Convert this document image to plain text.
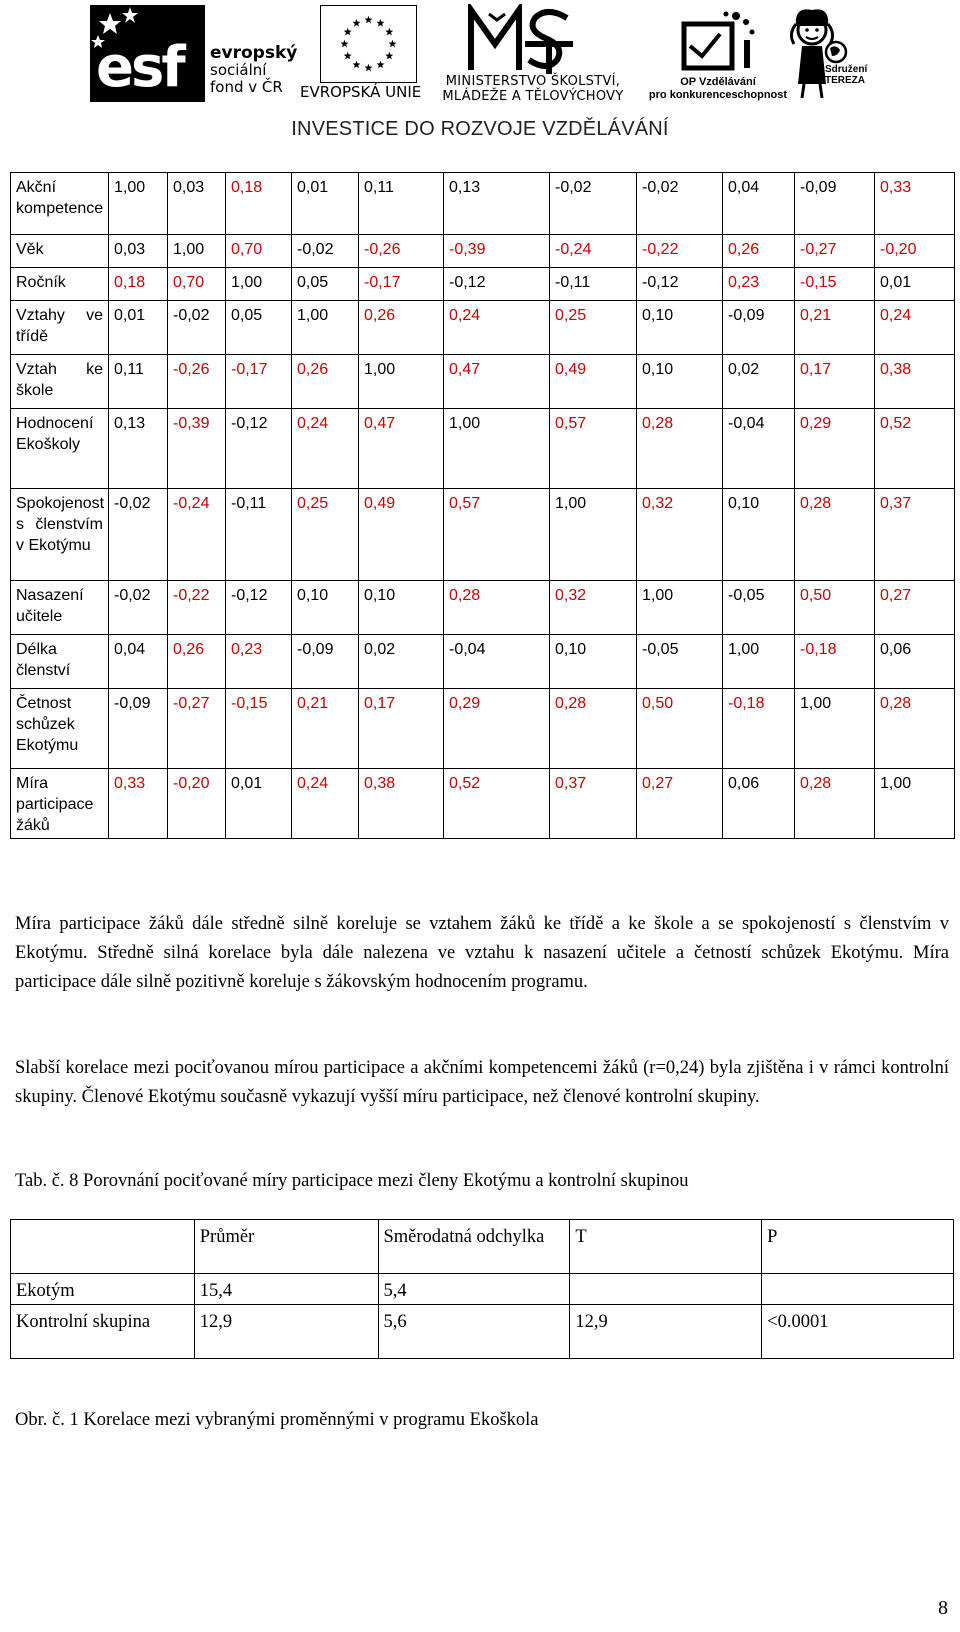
esf evropský
sociální
fond v ČR	EVROPSKÁ UNIE
MINISTERSTVO ŠKOLSTVÍ,
MLÁDEŽE A TĚLOVÝCHOVY
OP Vzdělávání
pro konkurenceschopnost
Sdružení
TEREZA
INVESTICE DO ROZVOJE VZDĚLÁVÁNÍ
Akční kompetence	1,00	0,03	0,18	0,01	0,11	0,13	-0,02	-0,02	0,04	-0,09	0,33
Věk	0,03	1,00	0,70	-0,02	-0,26	-0,39	-0,24	-0,22	0,26	-0,27	-0,20
Ročník	0,18	0,70	1,00	0,05	-0,17	-0,12	-0,11	-0,12	0,23	-0,15	0,01
Vztahy ve třídě	0,01	-0,02	0,05	1,00	0,26	0,24	0,25	0,10	-0,09	0,21	0,24
Vztah ke škole	0,11	-0,26	-0,17	0,26	1,00	0,47	0,49	0,10	0,02	0,17	0,38
Hodnocení Ekoškoly	0,13	-0,39	-0,12	0,24	0,47	1,00	0,57	0,28	-0,04	0,29	0,52
Spokojenost s členstvím v Ekotýmu	-0,02	-0,24	-0,11	0,25	0,49	0,57	1,00	0,32	0,10	0,28	0,37
Nasazení učitele	-0,02	-0,22	-0,12	0,10	0,10	0,28	0,32	1,00	-0,05	0,50	0,27
Délka členství	0,04	0,26	0,23	-0,09	0,02	-0,04	0,10	-0,05	1,00	-0,18	0,06
Četnost schůzek Ekotýmu	-0,09	-0,27	-0,15	0,21	0,17	0,29	0,28	0,50	-0,18	1,00	0,28
Míra participace žáků	0,33	-0,20	0,01	0,24	0,38	0,52	0,37	0,27	0,06	0,28	1,00
Míra participace žáků dále středně silně koreluje se vztahem žáků ke třídě a ke škole a se spokojeností s členstvím v Ekotýmu. Středně silná korelace byla dále nalezena ve vztahu k nasazení učitele a četností schůzek Ekotýmu. Míra participace dále silně pozitivně koreluje s žákovským hodnocením programu.
Slabší korelace mezi pociťovanou mírou participace a akčními kompetencemi žáků (r=0,24) byla zjištěna i v rámci kontrolní skupiny. Členové Ekotýmu současně vykazují vyšší míru participace, než členové kontrolní skupiny.
Tab. č. 8 Porovnání pociťované míry participace mezi členy Ekotýmu a kontrolní skupinou
	Průměr	Směrodatná odchylka	T	P
Ekotým	15,4	5,4		
Kontrolní skupina	12,9	5,6	12,9	<0.0001
Obr. č. 1 Korelace mezi vybranými proměnnými v programu Ekoškola
8
